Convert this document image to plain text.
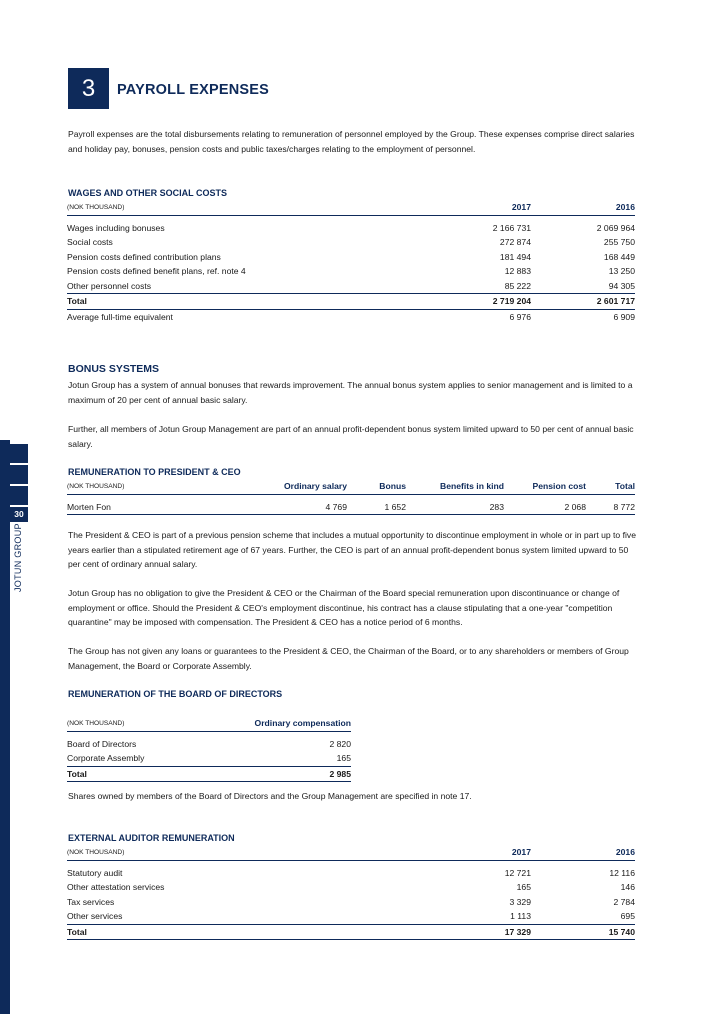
30
JOTUN GROUP
3	PAYROLL EXPENSES
Payroll expenses are the total disbursements relating to remuneration of personnel employed by the Group. These expenses comprise direct salaries and holiday pay, bonuses, pension costs and public taxes/charges relating to the employment of personnel.
WAGES AND OTHER SOCIAL COSTS
(NOK THOUSAND)	2017	2016

Wages including bonuses	2 166 731	2 069 964
Social costs	272 874	255 750
Pension costs defined contribution plans	181 494	168 449
Pension costs defined benefit plans, ref. note 4	12 883	13 250
Other personnel costs	85 222	94 305
Total	2 719 204	2 601 717
Average full-time equivalent	6 976	6 909
BONUS SYSTEMS
Jotun Group has a system of annual bonuses that rewards improvement. The annual bonus system applies to senior management and is limited to a maximum of 20 per cent of annual basic salary.
Further, all members of Jotun Group Management are part of an annual profit-dependent bonus system limited upward to 50 per cent of annual basic salary.
REMUNERATION TO PRESIDENT & CEO
(NOK THOUSAND)	Ordinary salary	Bonus	Benefits in kind	Pension cost	Total

Morten Fon	4 769	1 652	283	2 068	8 772
The President & CEO is part of a previous pension scheme that includes a mutual opportunity to discontinue employment in whole or in part up to five years earlier than a stipulated retirement age of 67 years. Further, the CEO is part of an annual profit-dependent bonus system limited upward to 50 per cent of ordinary annual salary.
Jotun Group has no obligation to give the President & CEO or the Chairman of the Board special remuneration upon discontinuance or change of employment or office. Should the President & CEO's employment discontinue, his contract has a clause stipulating that a one-year "competition quarantine" may be imposed with compensation. The President & CEO has a notice period of 6 months.
The Group has not given any loans or guarantees to the President & CEO, the Chairman of the Board, or to any shareholders or members of Group Management, the Board or Corporate Assembly.
REMUNERATION OF THE BOARD OF DIRECTORS
(NOK THOUSAND)	Ordinary compensation

Board of Directors	2 820
Corporate Assembly	165
Total	2 985
Shares owned by members of the Board of Directors and the Group Management are specified in note 17.
EXTERNAL AUDITOR REMUNERATION
(NOK THOUSAND)	2017	2016

Statutory audit	12 721	12 116
Other attestation services	165	146
Tax services	3 329	2 784
Other services	1 113	695
Total	17 329	15 740
